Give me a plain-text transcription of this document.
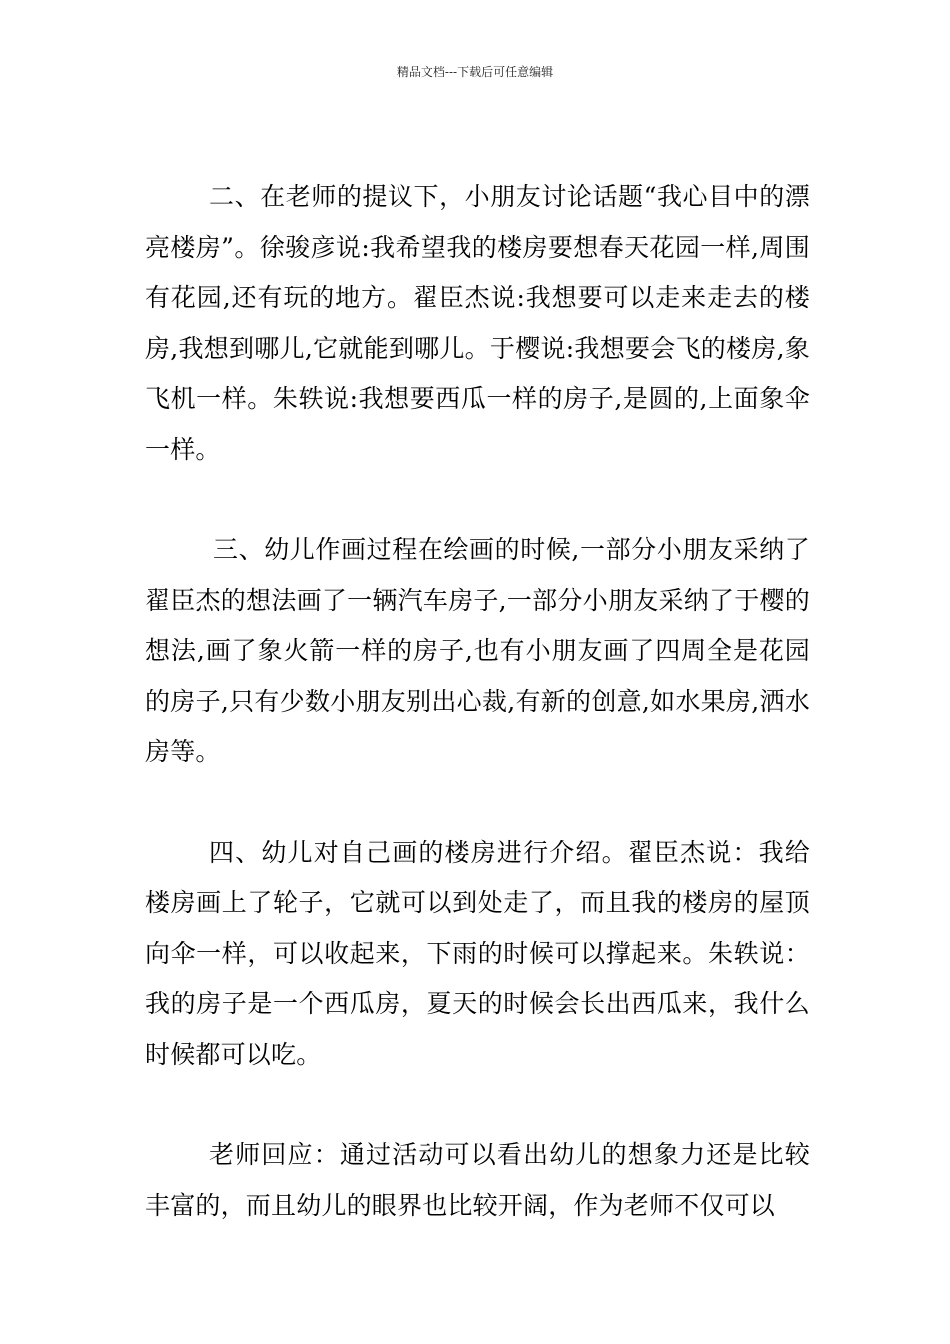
精品文档---下载后可任意编辑

二、在老师的提议下，小朋友讨论话题“我心目中的漂亮楼房”。徐骏彦说:我希望我的楼房要想春天花园一样,周围有花园,还有玩的地方。翟臣杰说:我想要可以走来走去的楼房,我想到哪儿,它就能到哪儿。于樱说:我想要会飞的楼房,象飞机一样。朱轶说:我想要西瓜一样的房子,是圆的,上面象伞一样。

三、幼儿作画过程在绘画的时候,一部分小朋友采纳了翟臣杰的想法画了一辆汽车房子,一部分小朋友采纳了于樱的想法,画了象火箭一样的房子,也有小朋友画了四周全是花园的房子,只有少数小朋友别出心裁,有新的创意,如水果房,洒水房等。

四、幼儿对自己画的楼房进行介绍。翟臣杰说：我给楼房画上了轮子，它就可以到处走了，而且我的楼房的屋顶向伞一样，可以收起来，下雨的时候可以撑起来。朱轶说：我的房子是一个西瓜房，夏天的时候会长出西瓜来，我什么时候都可以吃。

老师回应：通过活动可以看出幼儿的想象力还是比较丰富的，而且幼儿的眼界也比较开阔，作为老师不仅可以
